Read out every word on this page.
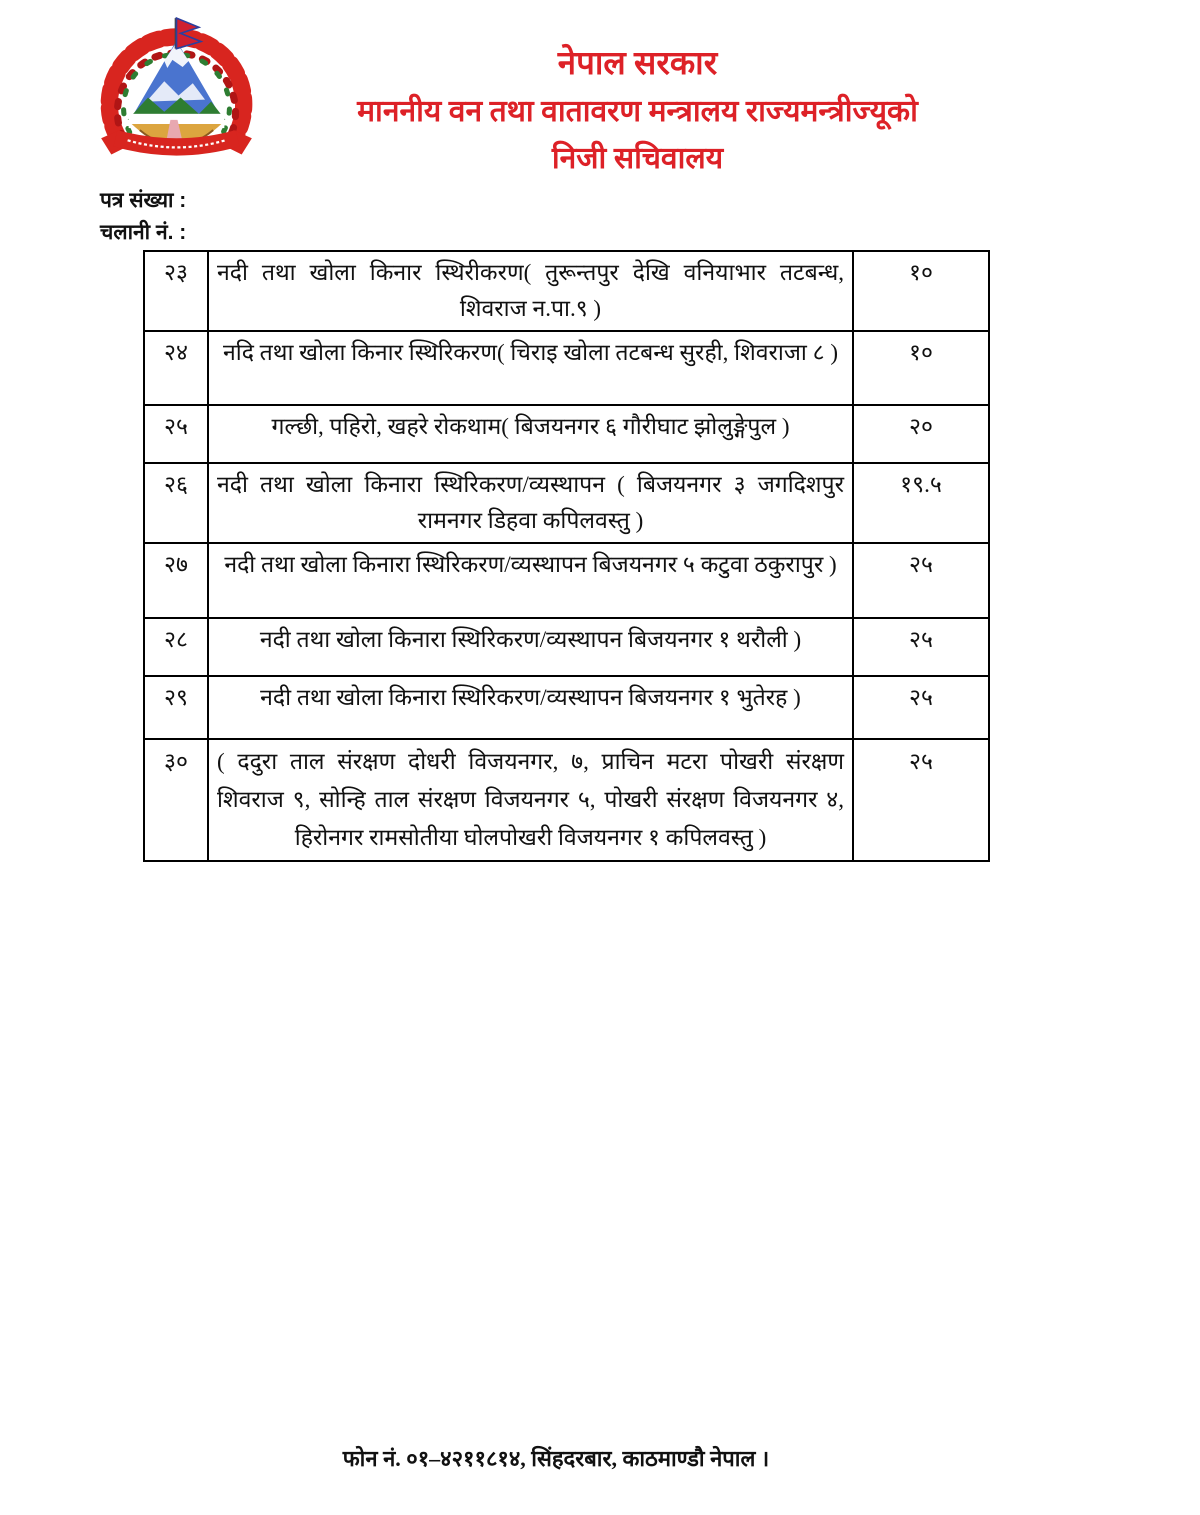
नेपाल सरकार
माननीय वन तथा वातावरण मन्त्रालय राज्यमन्त्रीज्यूको
निजी सचिवालय
पत्र संख्या :
चलानी नं. :
२३	नदी तथा खोला किनार स्थिरीकरण( तुरून्तपुर देखि वनियाभार तटबन्ध, शिवराज न.पा.९ )	१०
२४	नदि तथा खोला किनार स्थिरिकरण( चिराइ खोला तटबन्ध सुरही, शिवराजा ८ )	१०
२५	गल्छी, पहिरो, खहरे रोकथाम( बिजयनगर ६ गौरीघाट झोलुङ्गेपुल )	२०
२६	नदी तथा खोला किनारा स्थिरिकरण/व्यस्थापन ( बिजयनगर ३ जगदिशपुर रामनगर डिहवा कपिलवस्तु )	१९.५
२७	नदी तथा खोला किनारा स्थिरिकरण/व्यस्थापन बिजयनगर ५ कटुवा ठकुरापुर )	२५
२८	नदी तथा खोला किनारा स्थिरिकरण/व्यस्थापन बिजयनगर १ थरौली )	२५
२९	नदी तथा खोला किनारा स्थिरिकरण/व्यस्थापन बिजयनगर १ भुतेरह )	२५
३०	( ददुरा ताल संरक्षण दोधरी विजयनगर, ७, प्राचिन मटरा पोखरी संरक्षण शिवराज ९, सोन्हि ताल संरक्षण विजयनगर ५, पोखरी संरक्षण विजयनगर ४, हिरोनगर रामसोतीया घोलपोखरी विजयनगर १ कपिलवस्तु )	२५
फोन नं. ०१–४२११८१४, सिंहदरबार, काठमाण्डौ नेपाल ।
